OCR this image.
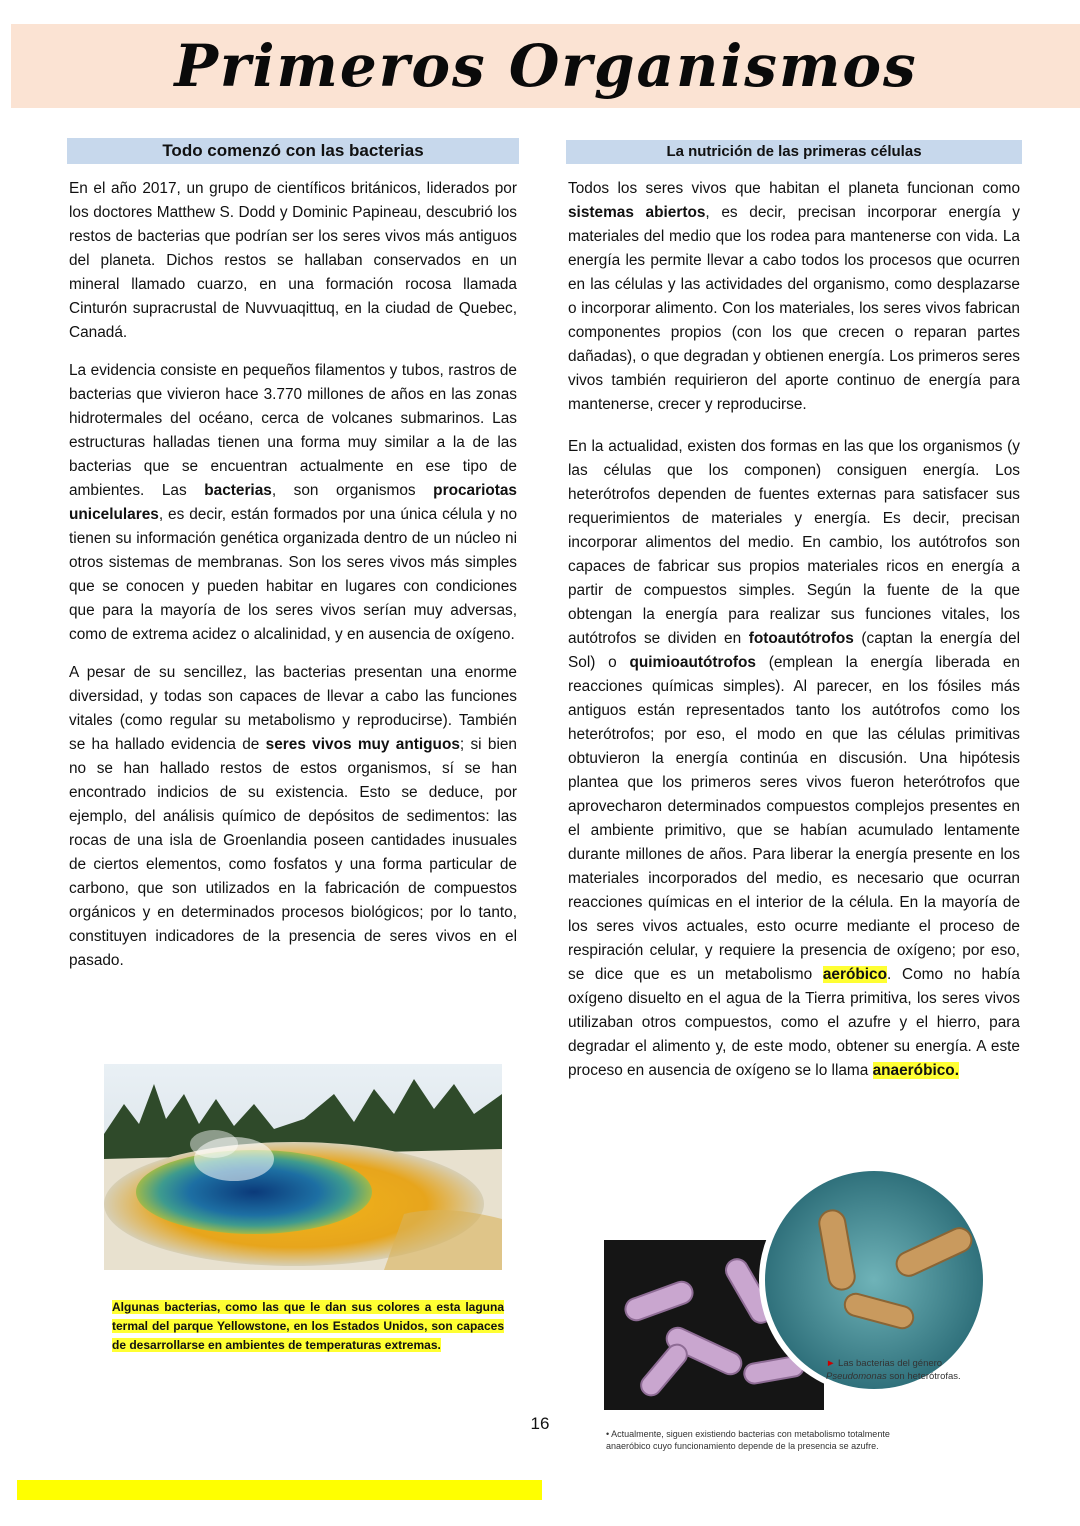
Primeros Organismos
Todo comenzó con las bacterias	La nutrición de las primeras células

En el año 2017, un grupo de científicos británicos, liderados por los doctores Matthew S. Dodd y Dominic Papineau, descubrió los restos de bacterias que podrían ser los seres vivos más antiguos del planeta. Dichos restos se hallaban conservados en un mineral llamado cuarzo, en una formación rocosa llamada Cinturón supracrustal de Nuvvuaqittuq, en la ciudad de Quebec, Canadá.

La evidencia consiste en pequeños filamentos y tubos, rastros de bacterias que vivieron hace 3.770 millones de años en las zonas hidrotermales del océano, cerca de volcanes submarinos. Las estructuras halladas tienen una forma muy similar a la de las bacterias que se encuentran actualmente en ese tipo de ambientes. Las bacterias, son organismos procariotas unicelulares, es decir, están formados por una única célula y no tienen su información genética organizada dentro de un núcleo ni otros sistemas de membranas. Son los seres vivos más simples que se conocen y pueden habitar en lugares con condiciones que para la mayoría de los seres vivos serían muy adversas, como de extrema acidez o alcalinidad, y en ausencia de oxígeno.

A pesar de su sencillez, las bacterias presentan una enorme diversidad, y todas son capaces de llevar a cabo las funciones vitales (como regular su metabolismo y reproducirse). También se ha hallado evidencia de seres vivos muy antiguos; si bien no se han hallado restos de estos organismos, sí se han encontrado indicios de su existencia. Esto se deduce, por ejemplo, del análisis químico de depósitos de sedimentos: las rocas de una isla de Groenlandia poseen cantidades inusuales de ciertos elementos, como fosfatos y una forma particular de carbono, que son utilizados en la fabricación de compuestos orgánicos y en determinados procesos biológicos; por lo tanto, constituyen indicadores de la presencia de seres vivos en el pasado.

Todos los seres vivos que habitan el planeta funcionan como sistemas abiertos, es decir, precisan incorporar energía y materiales del medio que los rodea para mantenerse con vida. La energía les permite llevar a cabo todos los procesos que ocurren en las células y las actividades del organismo, como desplazarse o incorporar alimento. Con los materiales, los seres vivos fabrican componentes propios (con los que crecen o reparan partes dañadas), o que degradan y obtienen energía. Los primeros seres vivos también requirieron del aporte continuo de energía para mantenerse, crecer y reproducirse.

En la actualidad, existen dos formas en las que los organismos (y las células que los componen) consiguen energía. Los heterótrofos dependen de fuentes externas para satisfacer sus requerimientos de materiales y energía. Es decir, precisan incorporar alimentos del medio. En cambio, los autótrofos son capaces de fabricar sus propios materiales ricos en energía a partir de compuestos simples. Según la fuente de la que obtengan la energía para realizar sus funciones vitales, los autótrofos se dividen en fotoautótrofos (captan la energía del Sol) o quimioautótrofos (emplean la energía liberada en reacciones químicas simples). Al parecer, en los fósiles más antiguos están representados tanto los autótrofos como los heterótrofos; por eso, el modo en que las células primitivas obtuvieron la energía continúa en discusión. Una hipótesis plantea que los primeros seres vivos fueron heterótrofos que aprovecharon determinados compuestos complejos presentes en el ambiente primitivo, que se habían acumulado lentamente durante millones de años. Para liberar la energía presente en los materiales incorporados del medio, es necesario que ocurran reacciones químicas en el interior de la célula. En la mayoría de los seres vivos actuales, esto ocurre mediante el proceso de respiración celular, y requiere la presencia de oxígeno; por eso, se dice que es un metabolismo aeróbico. Como no había oxígeno disuelto en el agua de la Tierra primitiva, los seres vivos utilizaban otros compuestos, como el azufre y el hierro, para degradar el alimento y, de este modo, obtener su energía. A este proceso en ausencia de oxígeno se lo llama anaeróbico.

Algunas bacterias, como las que le dan sus colores a esta laguna termal del parque Yellowstone, en los Estados Unidos, son capaces de desarrollarse en ambientes de temperaturas extremas.
► Las bacterias del género
Pseudomonas son heterótrofas.
• Actualmente, siguen existiendo bacterias con metabolismo totalmente anaeróbico cuyo funcionamiento depende de la presencia se azufre.
16
